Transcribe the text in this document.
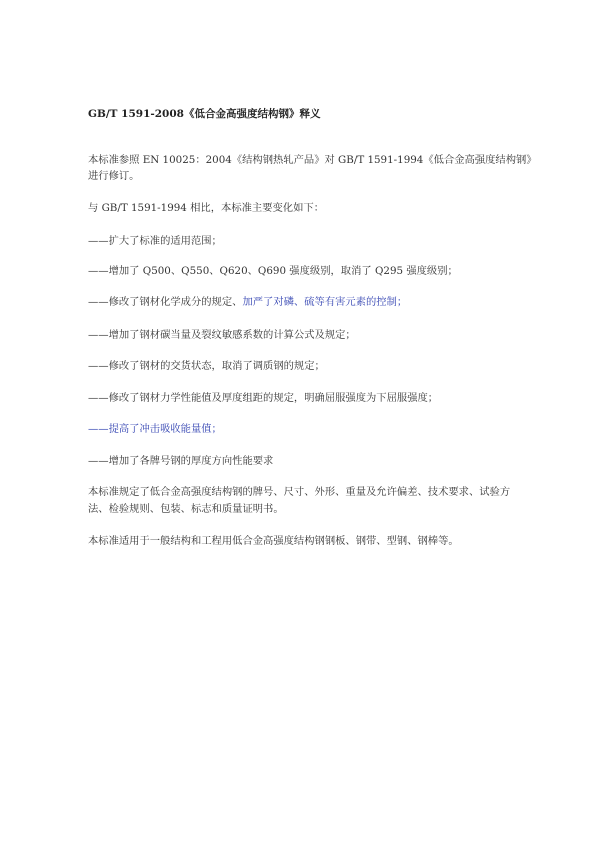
GB/T 1591-2008《低合金高强度结构钢》释义
本标准参照 EN 10025：2004《结构钢热轧产品》对 GB/T 1591-1994《低合金高强度结构钢》
进行修订。
与 GB/T 1591-1994 相比，本标准主要变化如下：
——扩大了标准的适用范围；
——增加了 Q500、Q550、Q620、Q690 强度级别，取消了 Q295 强度级别；
——修改了钢材化学成分的规定、加严了对磷、硫等有害元素的控制；
——增加了钢材碳当量及裂纹敏感系数的计算公式及规定；
——修改了钢材的交货状态，取消了调质钢的规定；
——修改了钢材力学性能值及厚度组距的规定，明确屈服强度为下屈服强度；
——提高了冲击吸收能量值；
——增加了各牌号钢的厚度方向性能要求
本标准规定了低合金高强度结构钢的牌号、尺寸、外形、重量及允许偏差、技术要求、试验方
法、检验规则、包装、标志和质量证明书。
本标准适用于一般结构和工程用低合金高强度结构钢钢板、钢带、型钢、钢棒等。
